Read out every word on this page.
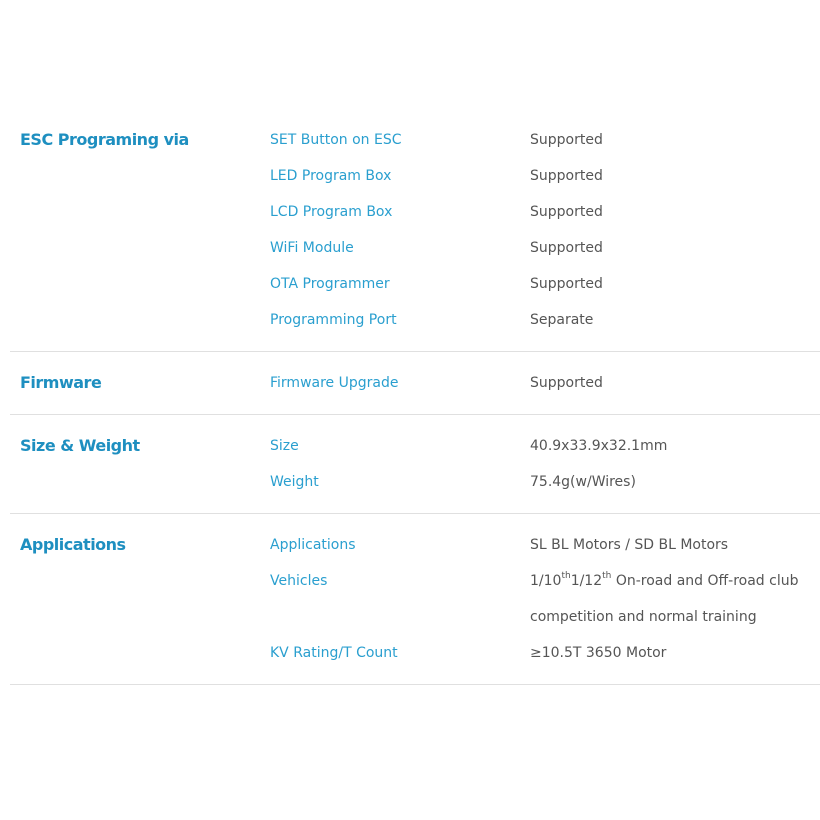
ESC Programing via	SET Button on ESC	Supported
LED Program Box	Supported
LCD Program Box	Supported
WiFi Module	Supported
OTA Programmer	Supported
Programming Port	Separate
Firmware	Firmware Upgrade	Supported
Size & Weight	Size	40.9x33.9x32.1mm
Weight	75.4g(w/Wires)
Applications	Applications	SL BL Motors / SD BL Motors
Vehicles	1/10th1/12th On-road and Off-road club competition and normal training
KV Rating/T Count	≥10.5T 3650 Motor
